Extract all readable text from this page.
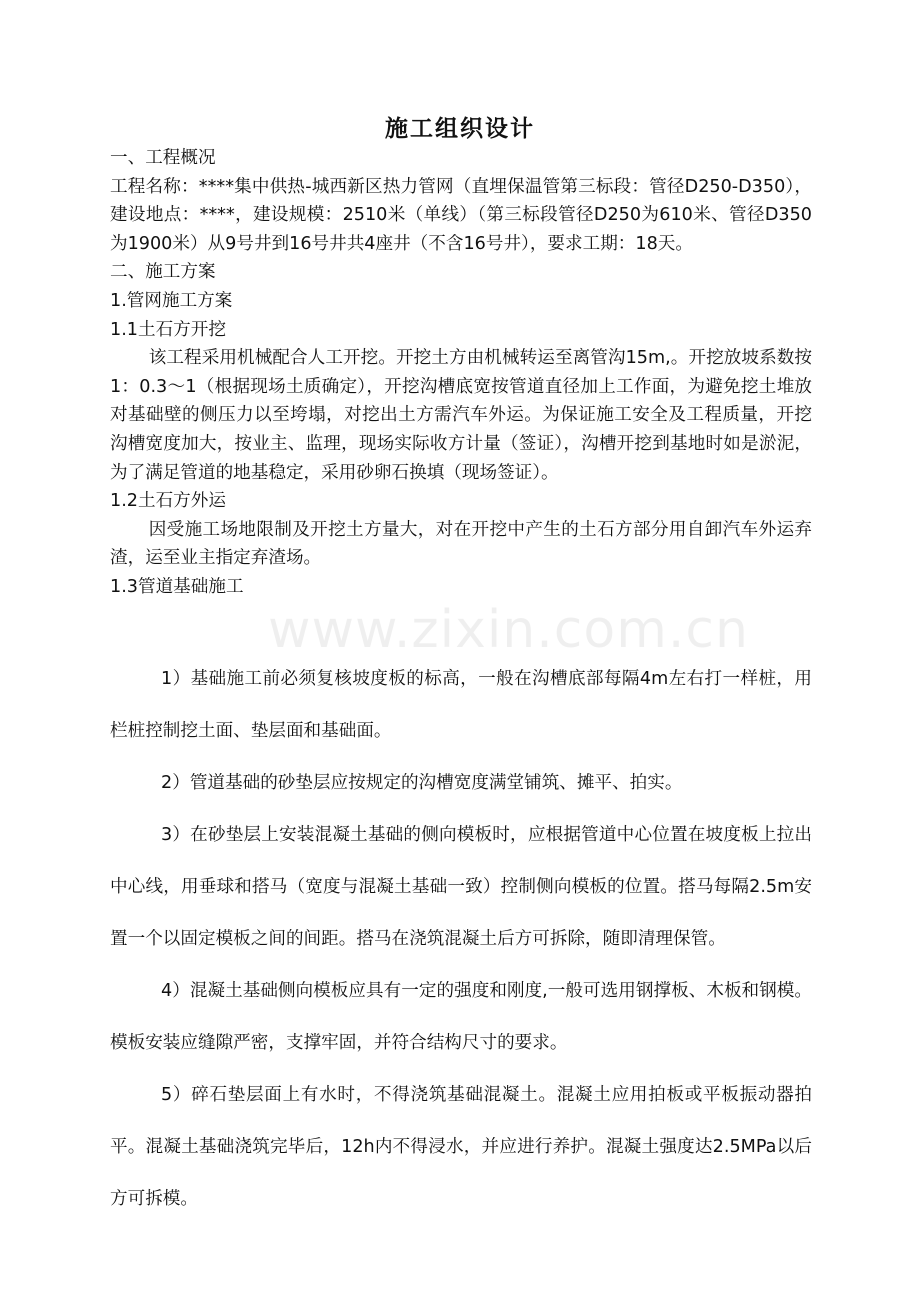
施工组织设计

一、工程概况

工程名称：****集中供热-城西新区热力管网（直埋保温管第三标段：管径D250-D350），建设地点：****，建设规模：2510米（单线）（第三标段管径D250为610米、管径D350为1900米）从9号井到16号井共4座井（不含16号井），要求工期：18天。

二、施工方案

1.管网施工方案

1.1土石方开挖

该工程采用机械配合人工开挖。开挖土方由机械转运至离管沟15m,。开挖放坡系数按1：0.3～1（根据现场土质确定），开挖沟槽底宽按管道直径加上工作面，为避免挖土堆放对基础壁的侧压力以至垮塌，对挖出土方需汽车外运。为保证施工安全及工程质量，开挖沟槽宽度加大，按业主、监理，现场实际收方计量（签证），沟槽开挖到基地时如是淤泥，为了满足管道的地基稳定，采用砂卵石换填（现场签证）。

1.2土石方外运

因受施工场地限制及开挖土方量大，对在开挖中产生的土石方部分用自卸汽车外运弃渣，运至业主指定弃渣场。

1.3管道基础施工

1）基础施工前必须复核坡度板的标高，一般在沟槽底部每隔4m左右打一样桩，用栏桩控制挖土面、垫层面和基础面。

2）管道基础的砂垫层应按规定的沟槽宽度满堂铺筑、摊平、拍实。

3）在砂垫层上安装混凝土基础的侧向模板时，应根据管道中心位置在坡度板上拉出中心线，用垂球和搭马（宽度与混凝土基础一致）控制侧向模板的位置。搭马每隔2.5m安置一个以固定模板之间的间距。搭马在浇筑混凝土后方可拆除，随即清理保管。

4）混凝土基础侧向模板应具有一定的强度和刚度,一般可选用钢撑板、木板和钢模。模板安装应缝隙严密，支撑牢固，并符合结构尺寸的要求。

5）碎石垫层面上有水时，不得浇筑基础混凝土。混凝土应用拍板或平板振动器拍平。混凝土基础浇筑完毕后，12h内不得浸水，并应进行养护。混凝土强度达2.5MPa以后方可拆模。

www.zixin.com.cn
